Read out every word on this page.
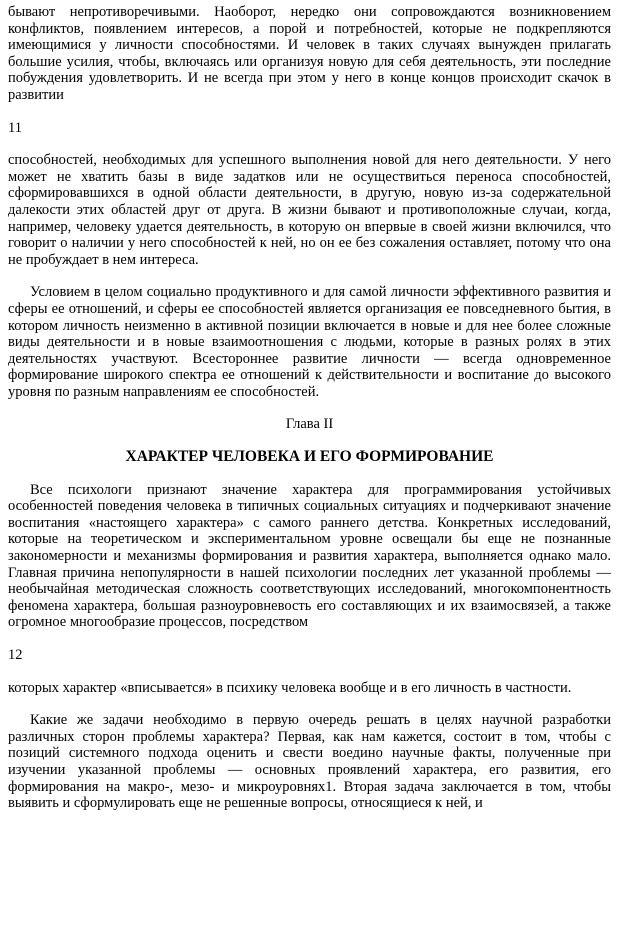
бывают непротиворечивыми. Наоборот, нередко они сопровождаются возникновением конфликтов, появлением интересов, а порой и потребностей, которые не подкрепляются имеющимися у личности способностями. И человек в таких случаях вынужден прилагать большие усилия, чтобы, включаясь или организуя новую для себя деятельность, эти последние побуждения удовлетворить. И не всегда при этом у него в конце концов происходит скачок в развитии

11

способностей, необходимых для успешного выполнения новой для него деятельности. У него может не хватить базы в виде задатков или не осуществиться переноса способностей, сформировавшихся в одной области деятельности, в другую, новую из-за содержательной далекости этих областей друг от друга. В жизни бывают и противоположные случаи, когда, например, человеку удается деятельность, в которую он впервые в своей жизни включился, что говорит о наличии у него способностей к ней, но он ее без сожаления оставляет, потому что она не пробуждает в нем интереса.

Условием в целом социально продуктивного и для самой личности эффективного развития и сферы ее отношений, и сферы ее способностей является организация ее повседневного бытия, в котором личность неизменно в активной позиции включается в новые и для нее более сложные виды деятельности и в новые взаимоотношения с людьми, которые в разных ролях в этих деятельностях участвуют. Всестороннее развитие личности — всегда одновременное формирование широкого спектра ее отношений к действительности и воспитание до высокого уровня по разным направлениям ее способностей.

Глава II

ХАРАКТЕР ЧЕЛОВЕКА И ЕГО ФОРМИРОВАНИЕ

Все психологи признают значение характера для программирования устойчивых особенностей поведения человека в типичных социальных ситуациях и подчеркивают значение воспитания «настоящего характера» с самого раннего детства. Конкретных исследований, которые на теоретическом и экспериментальном уровне освещали бы еще не познанные закономерности и механизмы формирования и развития характера, выполняется однако мало. Главная причина непопулярности в нашей психологии последних лет указанной проблемы — необычайная методическая сложность соответствующих исследований, многокомпонентность феномена характера, большая разноуровневость его составляющих и их взаимосвязей, а также огромное многообразие процессов, посредством

12

которых характер «вписывается» в психику человека вообще и в его личность в частности.

Какие же задачи необходимо в первую очередь решать в целях научной разработки различных сторон проблемы характера? Первая, как нам кажется, состоит в том, чтобы с позиций системного подхода оценить и свести воедино научные факты, полученные при изучении указанной проблемы — основных проявлений характера, его развития, его формирования на макро-, мезо- и микроуровнях1. Вторая задача заключается в том, чтобы выявить и сформулировать еще не решенные вопросы, относящиеся к ней, и
